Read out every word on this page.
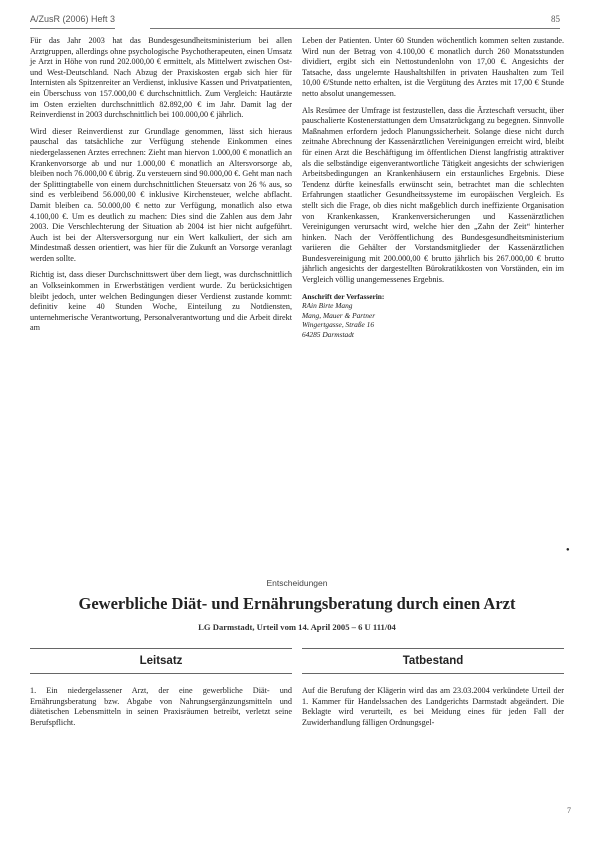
A/ZusR (2006) Heft 3	85

Für das Jahr 2003 hat das Bundesgesundheitsministerium bei allen Arztgruppen, allerdings ohne psychologische Psychotherapeuten, einen Umsatz je Arzt in Höhe von rund 202.000,00 € ermittelt, als Mittelwert zwischen Ost- und West-Deutschland. Nach Abzug der Praxiskosten ergab sich hier für Internisten als Spitzenreiter an Verdienst, inklusive Kassen und Privatpatienten, ein Überschuss von 157.000,00 € durchschnittlich. Zum Vergleich: Hautärzte im Osten erzielten durchschnittlich 82.892,00 € im Jahr. Damit lag der Reinverdienst in 2003 durchschnittlich bei 100.000,00 € jährlich.

Wird dieser Reinverdienst zur Grundlage genommen, lässt sich hieraus pauschal das tatsächliche zur Verfügung stehende Einkommen eines niedergelassenen Arztes errechnen: Zieht man hiervon 1.000,00 € monatlich an Krankenvorsorge ab und nur 1.000,00 € monatlich an Altersvorsorge ab, bleiben noch 76.000,00 € übrig. Zu versteuern sind 90.000,00 €. Geht man nach der Splittingtabelle von einem durchschnittlichen Steuersatz von 26 % aus, so sind es verbleibend 56.000,00 € inklusive Kirchensteuer, welche abflacht. Damit bleiben ca. 50.000,00 € netto zur Verfügung, monatlich also etwa 4.100,00 €. Um es deutlich zu machen: Dies sind die Zahlen aus dem Jahr 2003. Die Verschlechterung der Situation ab 2004 ist hier nicht aufgeführt. Auch ist bei der Altersversorgung nur ein Wert kalkuliert, der sich am Mindestmaß dessen orientiert, was hier für die Zukunft an Vorsorge veranlagt werden sollte.

Richtig ist, dass dieser Durchschnittswert über dem liegt, was durchschnittlich an Volkseinkommen in Erwerbstätigen verdient wurde. Zu berücksichtigen bleibt jedoch, unter welchen Bedingungen dieser Verdienst zustande kommt: definitiv keine 40 Stunden Woche, Einteilung zu Notdiensten, unternehmerische Verantwortung, Personalverantwortung und die Arbeit direkt am

Leben der Patienten. Unter 60 Stunden wöchentlich kommen selten zustande. Wird nun der Betrag von 4.100,00 € monatlich durch 260 Monatsstunden dividiert, ergibt sich ein Nettostundenlohn von 17,00 €. Angesichts der Tatsache, dass ungelernte Haushaltshilfen in privaten Haushalten zum Teil 10,00 €/Stunde netto erhalten, ist die Vergütung des Arztes mit 17,00 € Stunde netto absolut unangemessen.

Als Resümee der Umfrage ist festzustellen, dass die Ärzteschaft versucht, über pauschalierte Kostenerstattungen dem Umsatzrückgang zu begegnen. Sinnvolle Maßnahmen erfordern jedoch Planungssicherheit. Solange diese nicht durch zeitnahe Abrechnung der Kassenärztlichen Vereinigungen erreicht wird, bleibt für einen Arzt die Beschäftigung im öffentlichen Dienst langfristig attraktiver als die selbständige eigenverantwortliche Tätigkeit angesichts der schwierigen Arbeitsbedingungen an Krankenhäusern ein erstaunliches Ergebnis. Diese Tendenz dürfte keinesfalls erwünscht sein, betrachtet man die schlechten Erfahrungen staatlicher Gesundheitssysteme im europäischen Vergleich. Es stellt sich die Frage, ob dies nicht maßgeblich durch ineffiziente Organisation von Krankenkassen, Krankenversicherungen und Kassenärztlichen Vereinigungen verursacht wird, welche hier den „Zahn der Zeit“ hinterher hinken. Nach der Veröffentlichung des Bundesgesundheitsministerium variieren die Gehälter der Vorstandsmitglieder der Kassenärztlichen Bundesvereinigung mit 200.000,00 € brutto jährlich bis 267.000,00 € brutto jährlich angesichts der dargestellten Bürokratikkosten von Vorständen, ein im Vergleich völlig unangemessenes Ergebnis.

Anschrift der Verfasserin:
RAin Birte Mang
Mang, Mauer & Partner
Wingertgasse, Straße 16
64285 Darmstadt
●
Entscheidungen
Gewerbliche Diät- und Ernährungsberatung durch einen Arzt
LG Darmstadt, Urteil vom 14. April 2005 – 6 U 111/04
Leitsatz	Tatbestand

1. Ein niedergelassener Arzt, der eine gewerbliche Diät- und Ernährungsberatung bzw. Abgabe von Nahrungsergänzungsmitteln und diätetischen Lebensmitteln in seinen Praxisräumen betreibt, verletzt seine Berufspflicht.

Auf die Berufung der Klägerin wird das am 23.03.2004 verkündete Urteil der 1. Kammer für Handelssachen des Landgerichts Darmstadt abgeändert. Die Beklagte wird verurteilt, es bei Meidung eines für jeden Fall der Zuwiderhandlung fälligen Ordnungsgel-

7
